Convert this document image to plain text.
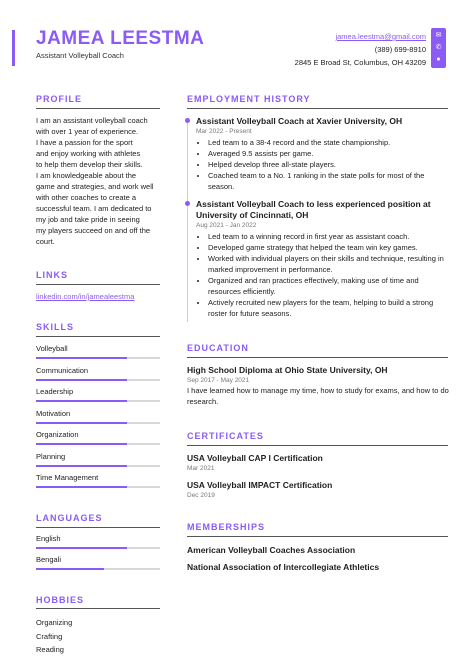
JAMEA LEESTMA
Assistant Volleyball Coach
jamea.leestma@gmail.com
(389) 699-8910
2845 E Broad St, Columbus, OH 43209
✉
✆
●
PROFILE
I am an assistant volleyball coach
with over 1 year of experience.
I have a passion for the sport
and enjoy working with athletes
to help them develop their skills.
I am knowledgeable about the
game and strategies, and work well
with other coaches to create a
successful team. I am dedicated to
my job and take pride in seeing
my players succeed on and off the
court.
LINKS
linkedin.com/in/jamealeestma
SKILLS
Volleyball
Communication
Leadership
Motivation
Organization
Planning
Time Management
LANGUAGES
English
Bengali
HOBBIES
Organizing
Crafting
Reading
EMPLOYMENT HISTORY
Assistant Volleyball Coach at Xavier University, OH
Mar 2022 - Present
• Led team to a 38-4 record and the state championship.
• Averaged 9.5 assists per game.
• Helped develop three all-state players.
• Coached team to a No. 1 ranking in the state polls for most of the season.
Assistant Volleyball Coach to less experienced position at University of Cincinnati, OH
Aug 2021 - Jan 2022
• Led team to a winning record in first year as assistant coach.
• Developed game strategy that helped the team win key games.
• Worked with individual players on their skills and technique, resulting in marked improvement in performance.
• Organized and ran practices effectively, making use of time and resources efficiently.
• Actively recruited new players for the team, helping to build a strong roster for future seasons.
EDUCATION
High School Diploma at Ohio State University, OH
Sep 2017 - May 2021
I have learned how to manage my time, how to study for exams, and how to do research.
CERTIFICATES
USA Volleyball CAP I Certification
Mar 2021
USA Volleyball IMPACT Certification
Dec 2019
MEMBERSHIPS
American Volleyball Coaches Association
National Association of Intercollegiate Athletics
